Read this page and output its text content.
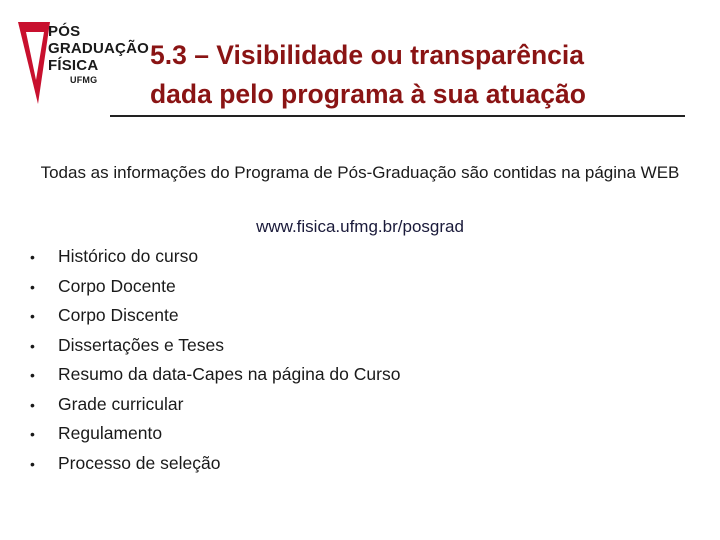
PÓS
GRADUAÇÃO
FÍSICA
UFMG
5.3 – Visibilidade ou transparência
dada pelo programa à sua atuação
Todas as informações do Programa de Pós-Graduação são contidas na página WEB
www.fisica.ufmg.br/posgrad
• Histórico do curso
• Corpo Docente
• Corpo Discente
• Dissertações e Teses
• Resumo da data-Capes na página do Curso
• Grade curricular
• Regulamento
• Processo de seleção
